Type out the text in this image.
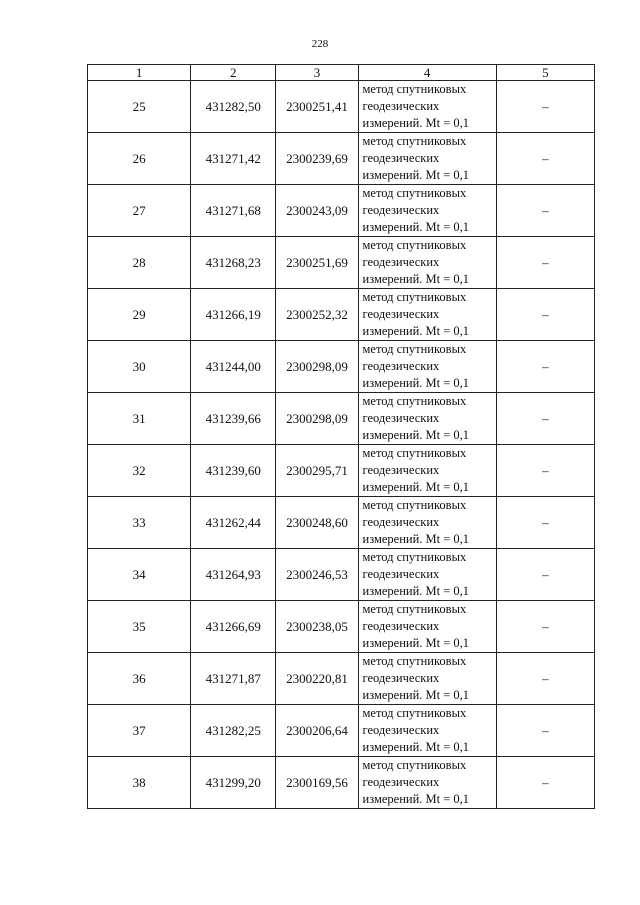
228
1	2	3	4	5
25	431282,50	2300251,41	метод спутниковых
геодезических
измерений. Mt = 0,1	–
26	431271,42	2300239,69	метод спутниковых
геодезических
измерений. Mt = 0,1	–
27	431271,68	2300243,09	метод спутниковых
геодезических
измерений. Mt = 0,1	–
28	431268,23	2300251,69	метод спутниковых
геодезических
измерений. Mt = 0,1	–
29	431266,19	2300252,32	метод спутниковых
геодезических
измерений. Mt = 0,1	–
30	431244,00	2300298,09	метод спутниковых
геодезических
измерений. Mt = 0,1	–
31	431239,66	2300298,09	метод спутниковых
геодезических
измерений. Mt = 0,1	–
32	431239,60	2300295,71	метод спутниковых
геодезических
измерений. Mt = 0,1	–
33	431262,44	2300248,60	метод спутниковых
геодезических
измерений. Mt = 0,1	–
34	431264,93	2300246,53	метод спутниковых
геодезических
измерений. Mt = 0,1	–
35	431266,69	2300238,05	метод спутниковых
геодезических
измерений. Mt = 0,1	–
36	431271,87	2300220,81	метод спутниковых
геодезических
измерений. Mt = 0,1	–
37	431282,25	2300206,64	метод спутниковых
геодезических
измерений. Mt = 0,1	–
38	431299,20	2300169,56	метод спутниковых
геодезических
измерений. Mt = 0,1	–
